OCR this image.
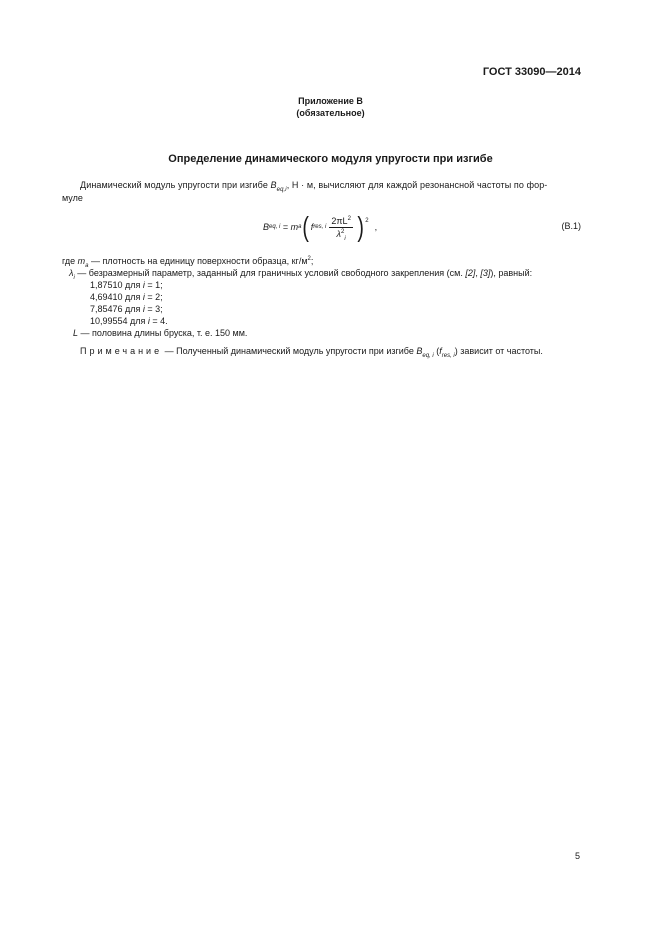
ГОСТ 33090—2014
Приложение В
(обязательное)
Определение динамического модуля упругости при изгибе
Динамический модуль упругости при изгибе $B_{eq,i}$, Н · м, вычисляют для каждой резонансной частоты по фор-
муле
B eq, i = m a ( f res, i $\frac{2\pi L^2}{\lambda^2_i} )^2$
,	(В.1)
где $m_a$ — плотность на единицу поверхности образца, $кг/м^2$;
$\lambda_i$ — безразмерный параметр, заданный для граничных условий свободного закрепления (см. [2], [3]), равный:
1,87510 для i = 1;
4,69410 для i = 2;
7,85476 для i = 3;
10,99554 для i = 4.
L — половина длины бруска, т. е. 150 мм.
Примечание — Полученный динамический модуль упругости при изгибе $B_{eq, i}$ $(f_{res, i})$ зависит от частоты.
5
